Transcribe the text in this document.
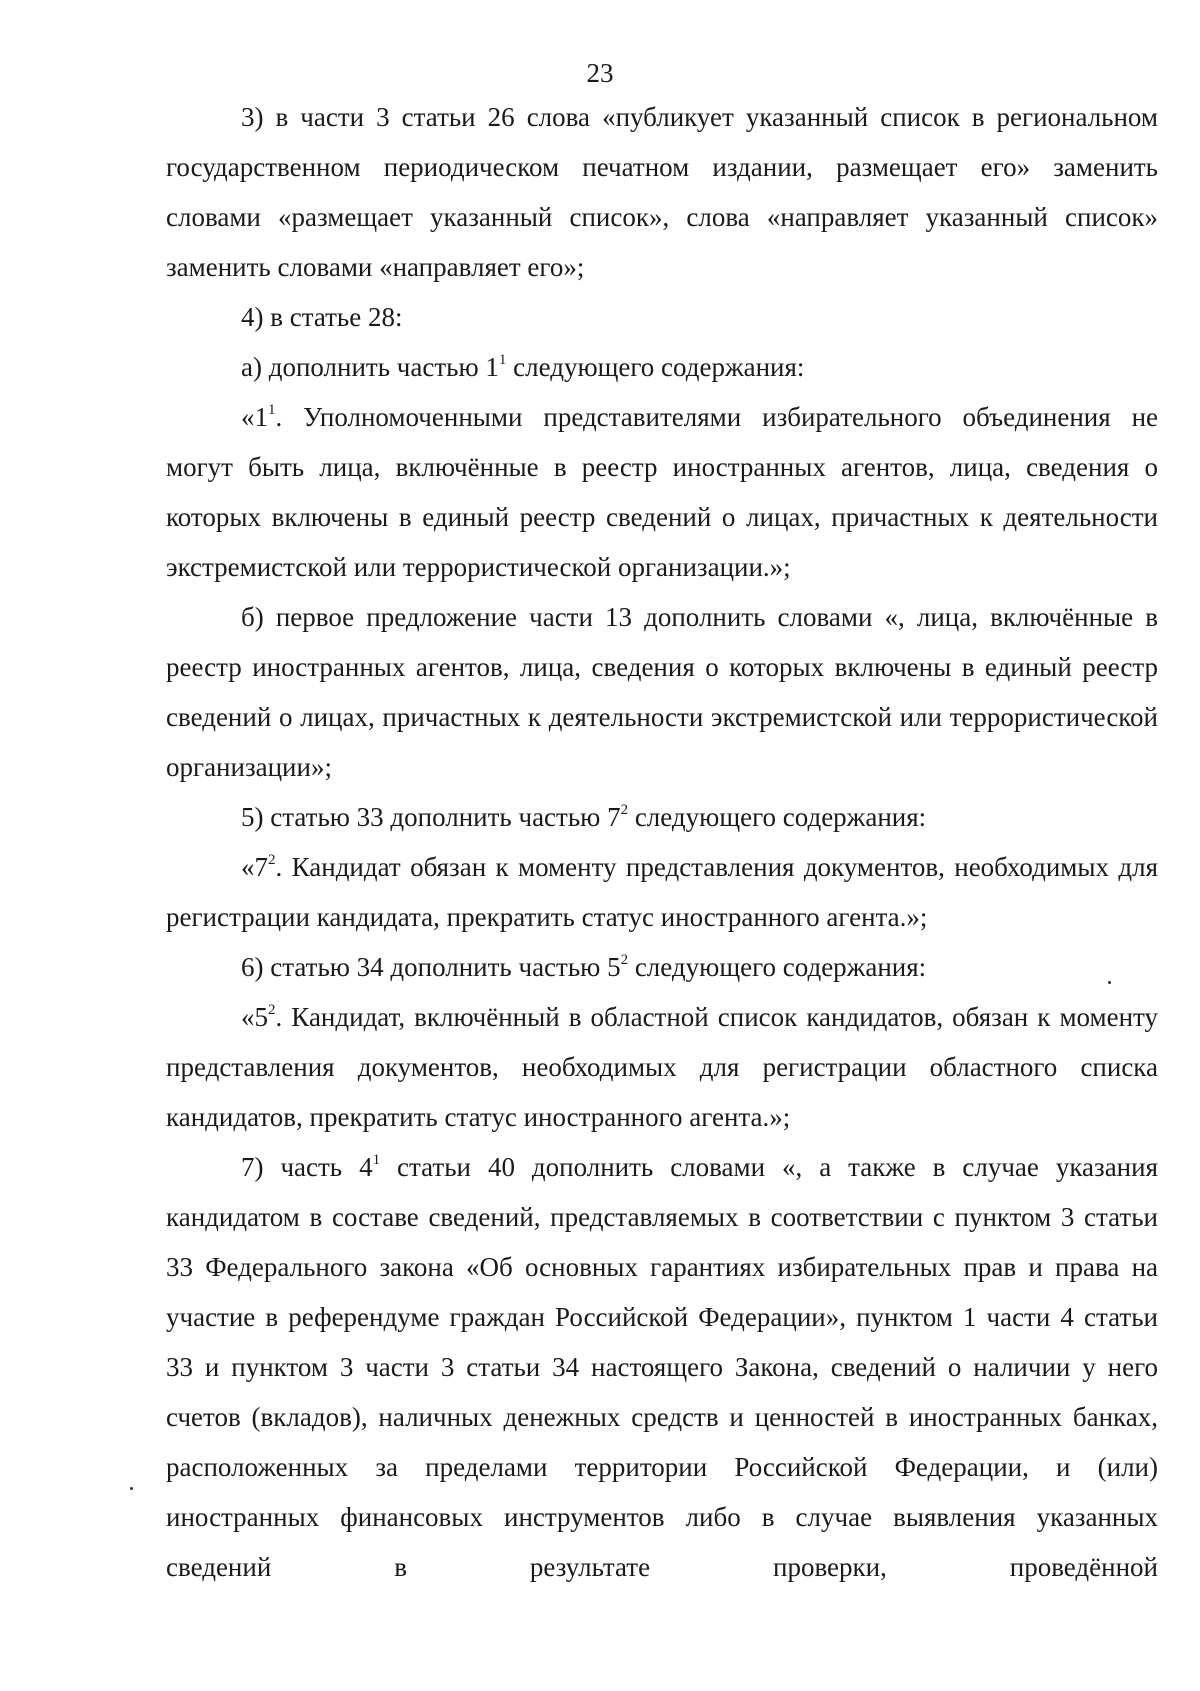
23

3) в части 3 статьи 26 слова «публикует указанный список в региональном государственном периодическом печатном издании, размещает его» заменить словами «размещает указанный список», слова «направляет указанный список» заменить словами «направляет его»;

4) в статье 28:

а) дополнить частью $1^1$ следующего содержания:

«$1^1$. Уполномоченными представителями избирательного объединения не могут быть лица, включённые в реестр иностранных агентов, лица, сведения о которых включены в единый реестр сведений о лицах, причастных к деятельности экстремистской или террористической организации.»;

б) первое предложение части 13 дополнить словами «, лица, включённые в реестр иностранных агентов, лица, сведения о которых включены в единый реестр сведений о лицах, причастных к деятельности экстремистской или террористической организации»;

5) статью 33 дополнить частью $7^2$ следующего содержания:

«$7^2$. Кандидат обязан к моменту представления документов, необходимых для регистрации кандидата, прекратить статус иностранного агента.»;

6) статью 34 дополнить частью $5^2$ следующего содержания:

«$5^2$. Кандидат, включённый в областной список кандидатов, обязан к моменту представления документов, необходимых для регистрации областного списка кандидатов, прекратить статус иностранного агента.»;

7) часть $4^1$ статьи 40 дополнить словами «, а также в случае указания кандидатом в составе сведений, представляемых в соответствии с пунктом 3 статьи 33 Федерального закона «Об основных гарантиях избирательных прав и права на участие в референдуме граждан Российской Федерации», пунктом 1 части 4 статьи 33 и пунктом 3 части 3 статьи 34 настоящего Закона, сведений о наличии у него счетов (вкладов), наличных денежных средств и ценностей в иностранных банках, расположенных за пределами территории Российской Федерации, и (или) иностранных финансовых инструментов либо в случае выявления указанных сведений в результате проверки, проведённой
